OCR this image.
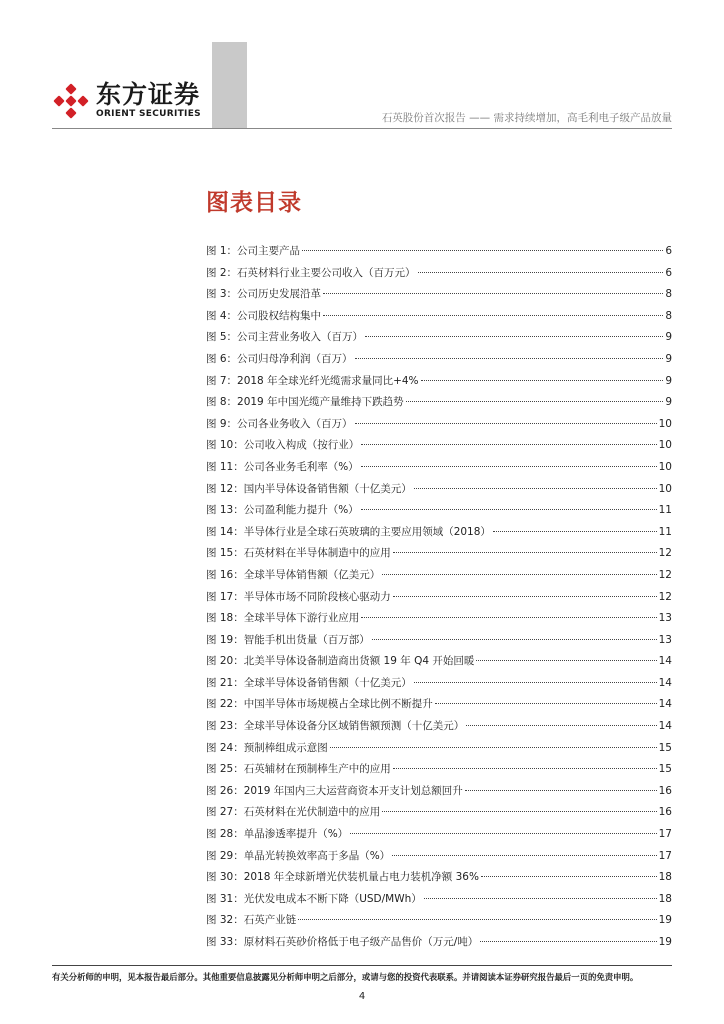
东方证券
ORIENT SECURITIES	石英股份首次报告 —— 需求持续增加，高毛利电子级产品放量
图表目录
图 1：公司主要产品	6
图 2：石英材料行业主要公司收入（百万元）	6
图 3：公司历史发展沿革	8
图 4：公司股权结构集中	8
图 5：公司主营业务收入（百万）	9
图 6：公司归母净利润（百万）	9
图 7：2018 年全球光纤光缆需求量同比+4%	9
图 8：2019 年中国光缆产量维持下跌趋势	9
图 9：公司各业务收入（百万）	10
图 10：公司收入构成（按行业）	10
图 11：公司各业务毛利率（%）	10
图 12：国内半导体设备销售额（十亿美元）	10
图 13：公司盈利能力提升（%）	11
图 14：半导体行业是全球石英玻璃的主要应用领域（2018）	11
图 15：石英材料在半导体制造中的应用	12
图 16：全球半导体销售额（亿美元）	12
图 17：半导体市场不同阶段核心驱动力	12
图 18：全球半导体下游行业应用	13
图 19：智能手机出货量（百万部）	13
图 20：北美半导体设备制造商出货额 19 年 Q4 开始回暖	14
图 21：全球半导体设备销售额（十亿美元）	14
图 22：中国半导体市场规模占全球比例不断提升	14
图 23：全球半导体设备分区域销售额预测（十亿美元）	14
图 24：预制棒组成示意图	15
图 25：石英辅材在预制棒生产中的应用	15
图 26：2019 年国内三大运营商资本开支计划总额回升	16
图 27：石英材料在光伏制造中的应用	16
图 28：单晶渗透率提升（%）	17
图 29：单晶光转换效率高于多晶（%）	17
图 30：2018 年全球新增光伏装机量占电力装机净额 36%	18
图 31：光伏发电成本不断下降（USD/MWh）	18
图 32：石英产业链	19
图 33：原材料石英砂价格低于电子级产品售价（万元/吨）	19
有关分析师的申明，见本报告最后部分。其他重要信息披露见分析师申明之后部分，或请与您的投资代表联系。并请阅读本证券研究报告最后一页的免责申明。
4
